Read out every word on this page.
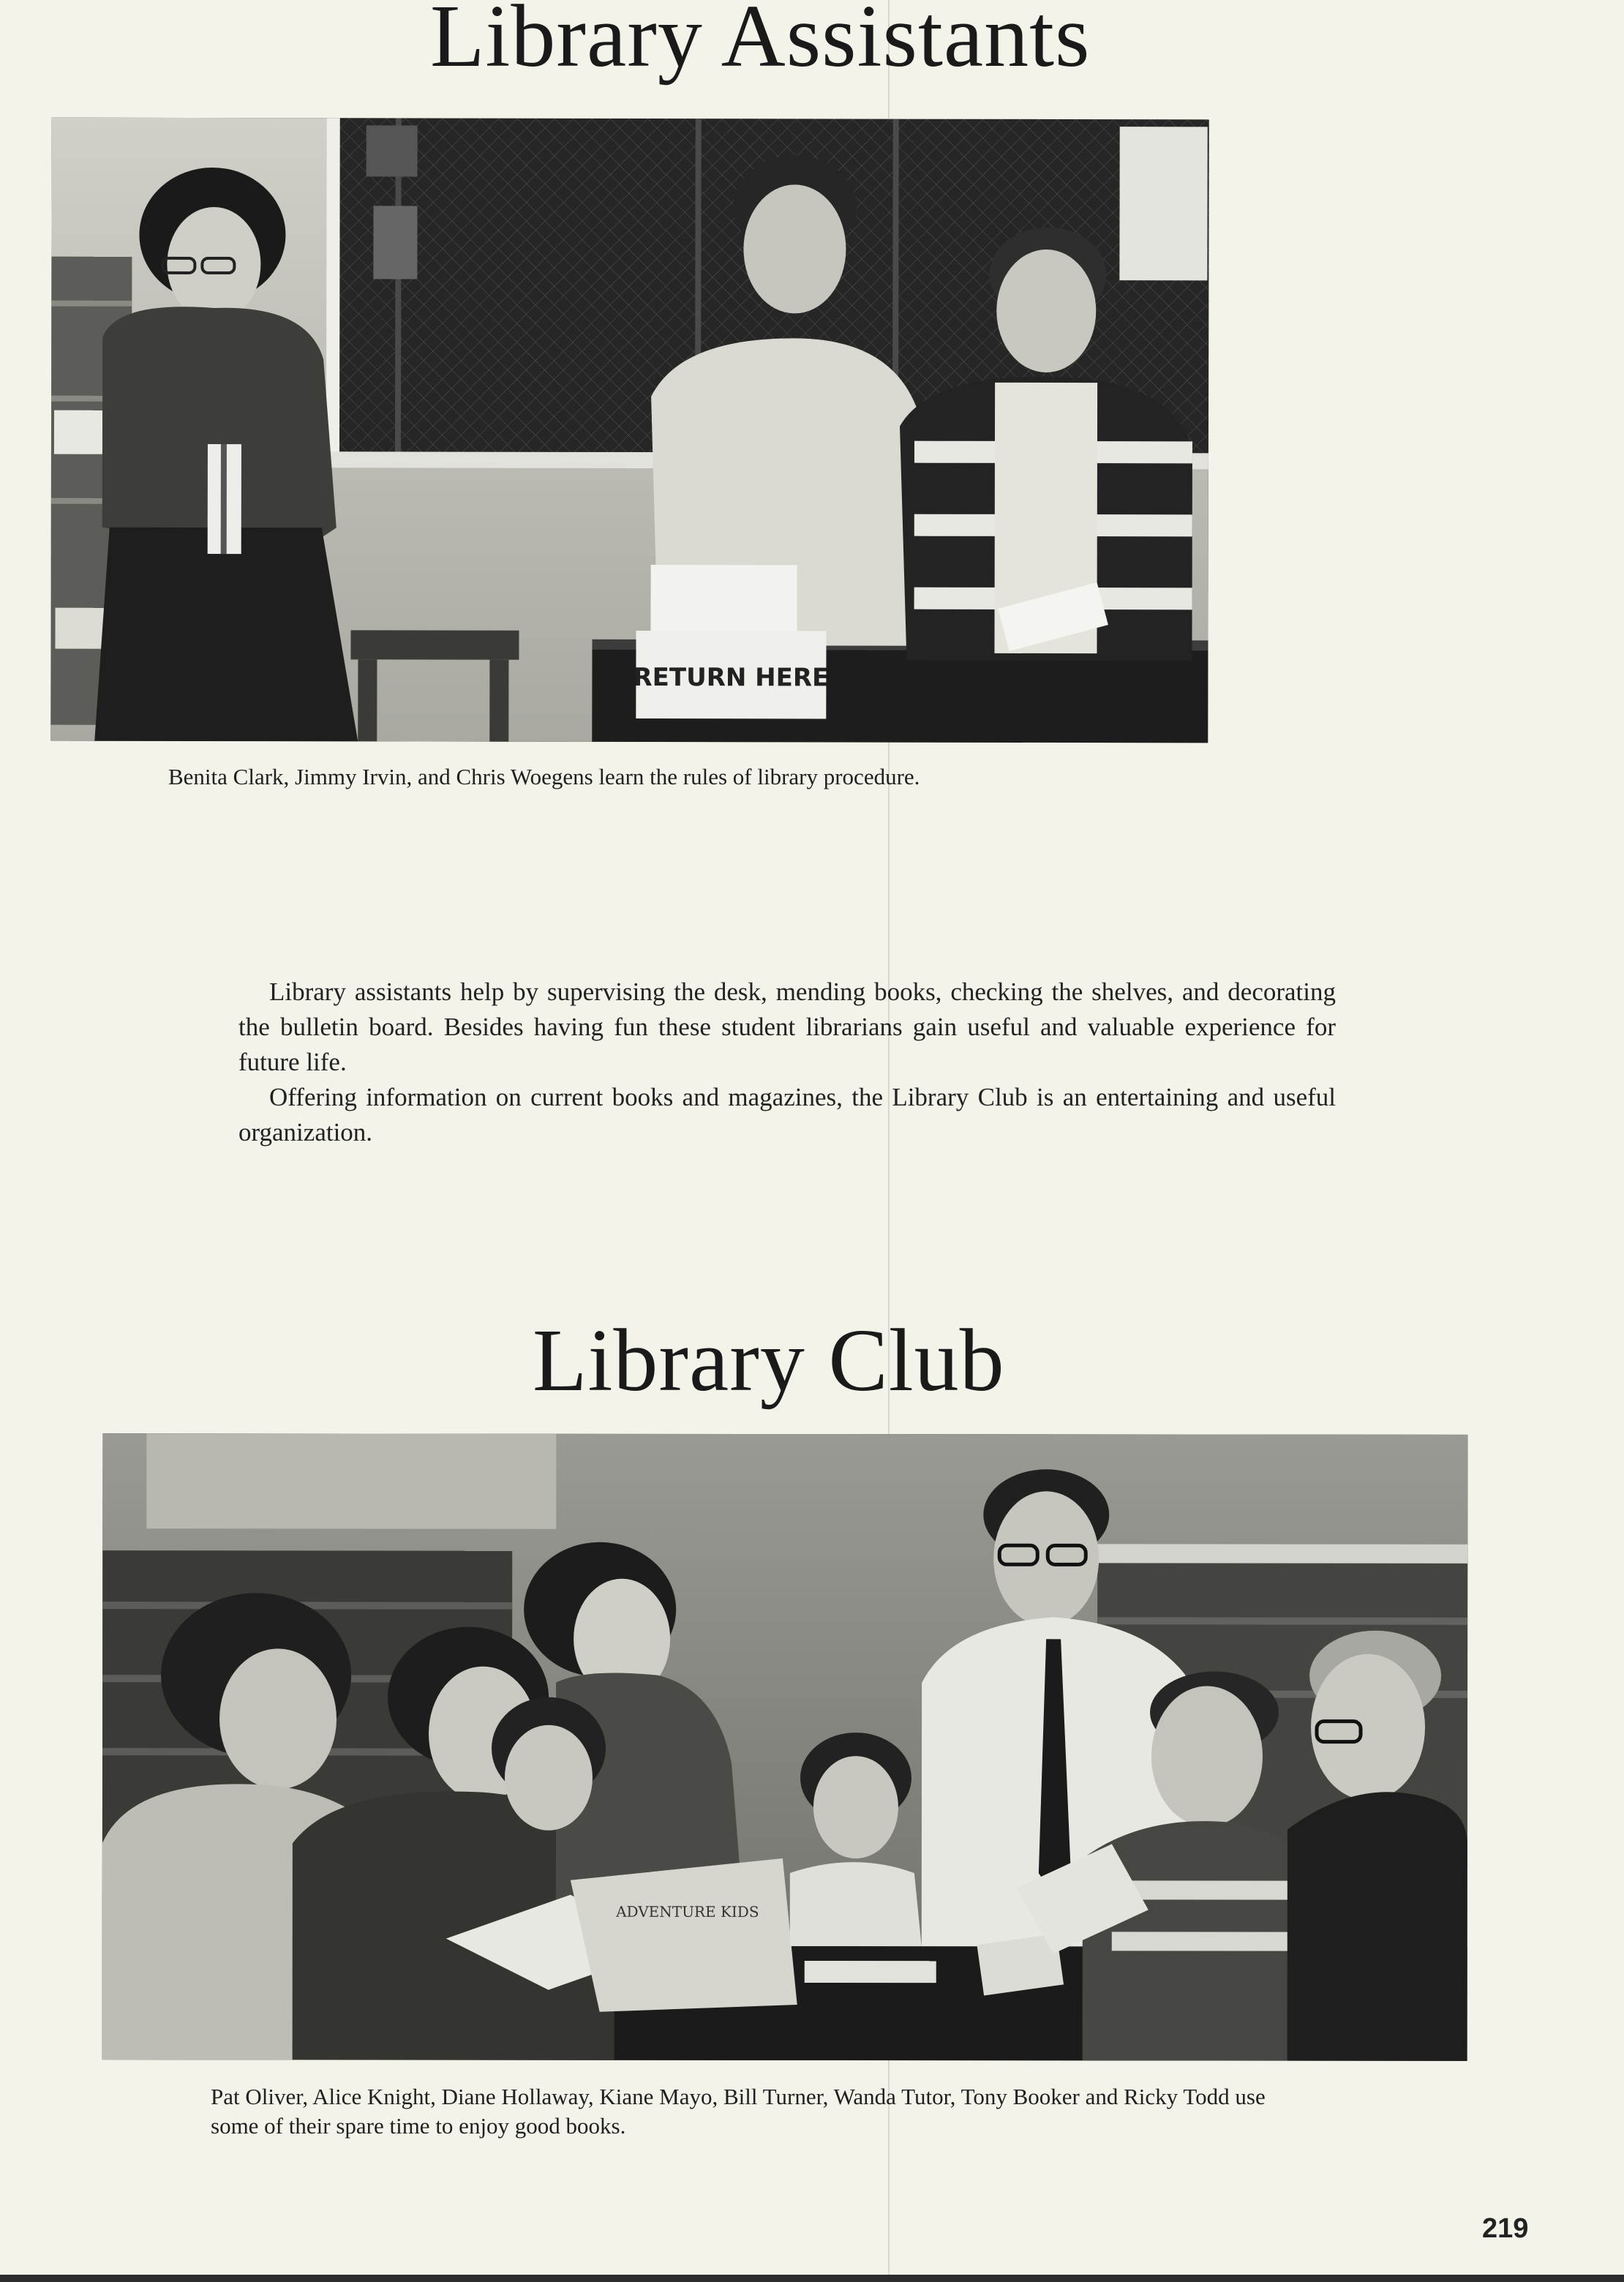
Library Assistants
RETURN HERE

Benita Clark, Jimmy Irvin, and Chris Woegens learn the rules of library procedure.

Library assistants help by supervising the desk, mending books, checking the shelves, and decorating the bulletin board. Besides having fun these student librarians gain useful and valuable experience for future life.

Offering information on current books and magazines, the Library Club is an entertaining and useful organization.

Library Club
ADVENTURE KIDS

Pat Oliver, Alice Knight, Diane Hollaway, Kiane Mayo, Bill Turner, Wanda Tutor, Tony Booker and Ricky Todd use some of their spare time to enjoy good books.

219
